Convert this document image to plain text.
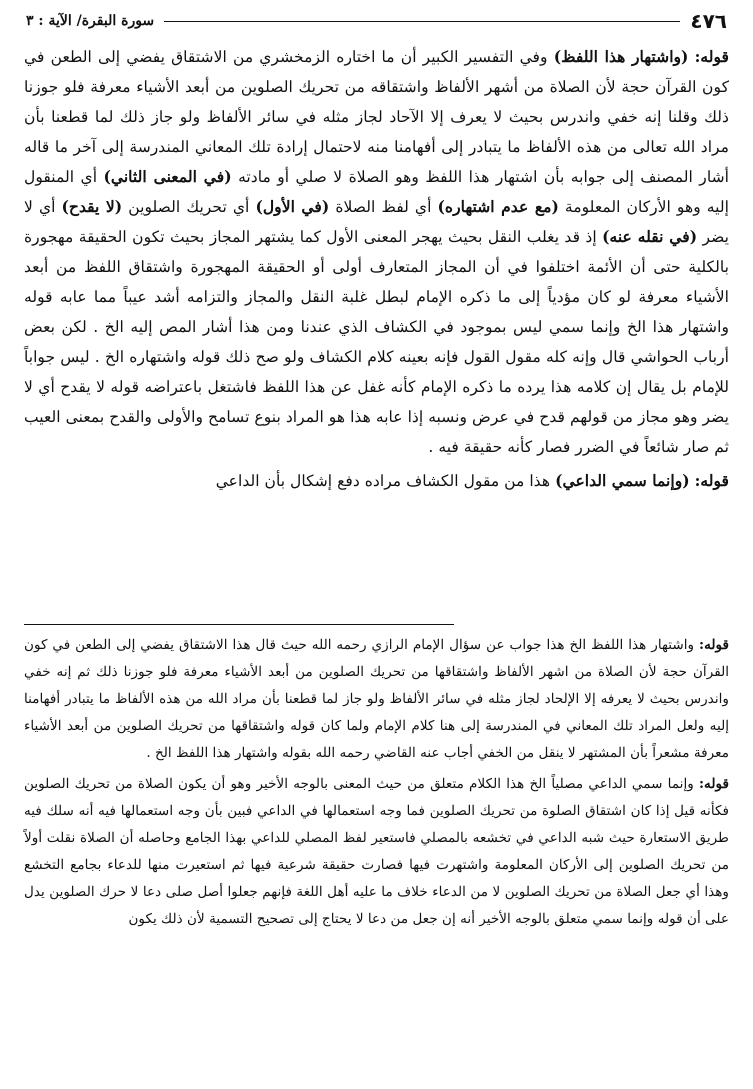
٤٧٦
سورة البقرة/ الآية : ٣

قوله: (واشتهار هذا اللفظ) وفي التفسير الكبير أن ما اختاره الزمخشري من الاشتقاق يفضي إلى الطعن في كون القرآن حجة لأن الصلاة من أشهر الألفاظ واشتقاقه من تحريك الصلوين من أبعد الأشياء معرفة فلو جوزنا ذلك وقلنا إنه خفي واندرس بحيث لا يعرف إلا الآحاد لجاز مثله في سائر الألفاظ ولو جاز ذلك لما قطعنا بأن مراد الله تعالى من هذه الألفاظ ما يتبادر إلى أفهامنا منه لاحتمال إرادة تلك المعاني المندرسة إلى آخر ما قاله أشار المصنف إلى جوابه بأن اشتهار هذا اللفظ وهو الصلاة لا صلي أو مادته (في المعنى الثاني) أي المنقول إليه وهو الأركان المعلومة (مع عدم اشتهاره) أي لفظ الصلاة (في الأول) أي تحريك الصلوين (لا يقدح) أي لا يضر (في نقله عنه) إذ قد يغلب النقل بحيث يهجر المعنى الأول كما يشتهر المجاز بحيث تكون الحقيقة مهجورة بالكلية حتى أن الأئمة اختلفوا في أن المجاز المتعارف أولى أو الحقيقة المهجورة واشتقاق اللفظ من أبعد الأشياء معرفة لو كان مؤدياً إلى ما ذكره الإمام لبطل غلبة النقل والمجاز والتزامه أشد عيباً مما عابه قوله واشتهار هذا الخ وإنما سمي ليس بموجود في الكشاف الذي عندنا ومن هذا أشار المص إليه الخ . لكن بعض أرباب الحواشي قال وإنه كله مقول القول فإنه بعينه كلام الكشاف ولو صح ذلك قوله واشتهاره الخ . ليس جواباً للإمام بل يقال إن كلامه هذا يرده ما ذكره الإمام كأنه غفل عن هذا اللفظ فاشتغل باعتراضه قوله لا يقدح أي لا يضر وهو مجاز من قولهم قدح في عرض ونسبه إذا عابه هذا هو المراد بنوع تسامح والأولى والقدح بمعنى العيب ثم صار شائعاً في الضرر فصار كأنه حقيقة فيه .

قوله: (وإنما سمي الداعي) هذا من مقول الكشاف مراده دفع إشكال بأن الداعي

قوله: واشتهار هذا اللفظ الخ هذا جواب عن سؤال الإمام الرازي رحمه الله حيث قال هذا الاشتقاق يفضي إلى الطعن في كون القرآن حجة لأن الصلاة من اشهر الألفاظ واشتقاقها من تحريك الصلوين من أبعد الأشياء معرفة فلو جوزنا ذلك ثم إنه خفي واندرس بحيث لا يعرفه إلا الإلحاد لجاز مثله في سائر الألفاظ ولو جاز لما قطعنا بأن مراد الله من هذه الألفاظ ما يتبادر أفهامنا إليه ولعل المراد تلك المعاني في المندرسة إلى هنا كلام الإمام ولما كان قوله واشتقاقها من تحريك الصلوين من أبعد الأشياء معرفة مشعراً بأن المشتهر لا ينقل من الخفي أجاب عنه القاضي رحمه الله بقوله واشتهار هذا اللفظ الخ .

قوله: وإنما سمي الداعي مصلياً الخ هذا الكلام متعلق من حيث المعنى بالوجه الأخير وهو أن يكون الصلاة من تحريك الصلوين فكأنه قيل إذا كان اشتقاق الصلوة من تحريك الصلوين فما وجه استعمالها في الداعي فبين بأن وجه استعمالها فيه أنه سلك فيه طريق الاستعارة حيث شبه الداعي في تخشعه بالمصلي فاستعير لفظ المصلي للداعي بهذا الجامع وحاصله أن الصلاة نقلت أولاً من تحريك الصلوين إلى الأركان المعلومة واشتهرت فيها فصارت حقيقة شرعية فيها ثم استعيرت منها للدعاء بجامع التخشع وهذا أي جعل الصلاة من تحريك الصلوين لا من الدعاء خلاف ما عليه أهل اللغة فإنهم جعلوا أصل صلى دعا لا حرك الصلوين يدل على أن قوله وإنما سمي متعلق بالوجه الأخير أنه إن جعل من دعا لا يحتاج إلى تصحيح التسمية لأن ذلك يكون
